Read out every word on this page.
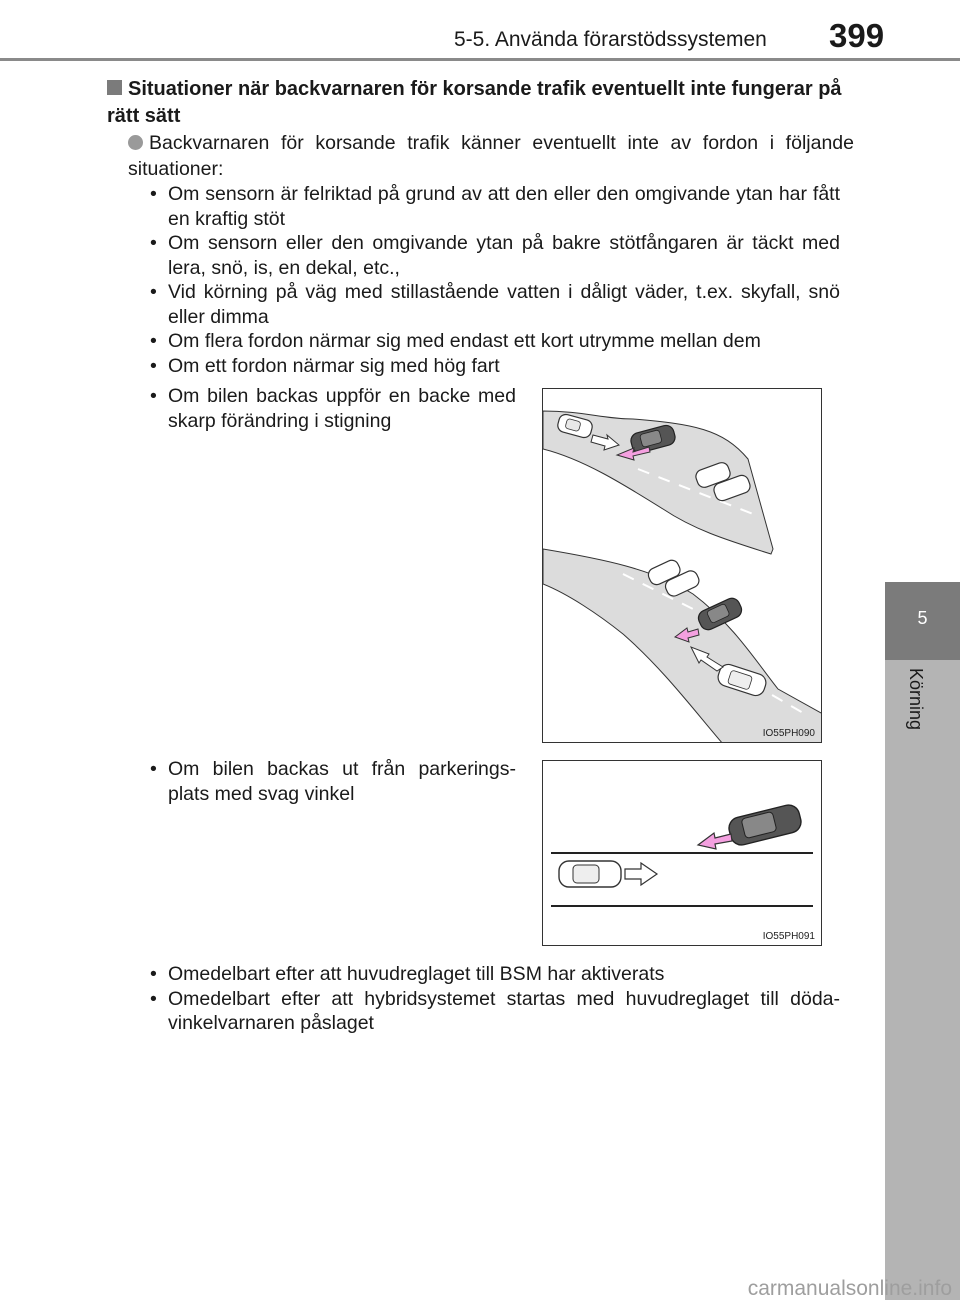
5-5. Använda förarstödssystemen 399
5
Körning
Situationer när backvarnaren för korsande trafik eventuellt inte fungerar på rätt sätt
Backvarnaren för korsande trafik känner eventuellt inte av fordon i följande situationer:
• Om sensorn är felriktad på grund av att den eller den omgivande ytan har fått en kraftig stöt
• Om sensorn eller den omgivande ytan på bakre stötfångaren är täckt med lera, snö, is, en dekal, etc.,
• Vid körning på väg med stillastående vatten i dåligt väder, t.ex. skyfall, snö eller dimma
• Om flera fordon närmar sig med endast ett kort utrymme mellan dem
• Om ett fordon närmar sig med hög fart
• Om bilen backas uppför en backe med skarp förändring i stigning
IO55PH090
• Om bilen backas ut från parkerings-plats med svag vinkel
IO55PH091
• Omedelbart efter att huvudreglaget till BSM har aktiverats
• Omedelbart efter att hybridsystemet startas med huvudreglaget till döda-vinkelvarnaren påslaget
carmanualsonline.info
